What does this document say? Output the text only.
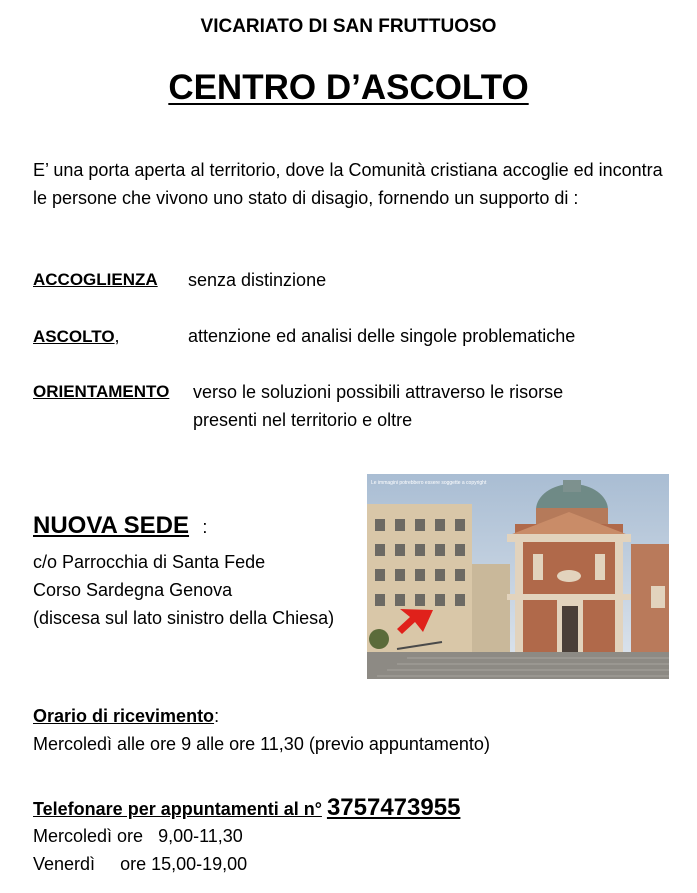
VICARIATO DI SAN FRUTTUOSO
CENTRO D’ASCOLTO
E’ una porta aperta al territorio, dove la Comunità cristiana accoglie ed incontra le persone che vivono uno stato di disagio, fornendo un supporto di :
ACCOGLIENZA senza distinzione
ASCOLTO,	attenzione ed analisi delle singole problematiche
ORIENTAMENTO verso le soluzioni possibili attraverso le risorse
presenti nel territorio e oltre
NUOVA SEDE :
c/o Parrocchia di Santa Fede
Corso Sardegna Genova
(discesa sul lato sinistro della Chiesa)
Le immagini potrebbero essere soggette a copyright
Orario di ricevimento:
Mercoledì alle ore 9 alle ore 11,30 (previo appuntamento)
Telefonare per appuntamenti al n° 3757473955
Mercoledì ore 9,00-11,30
Venerdì ore 15,00-19,00
